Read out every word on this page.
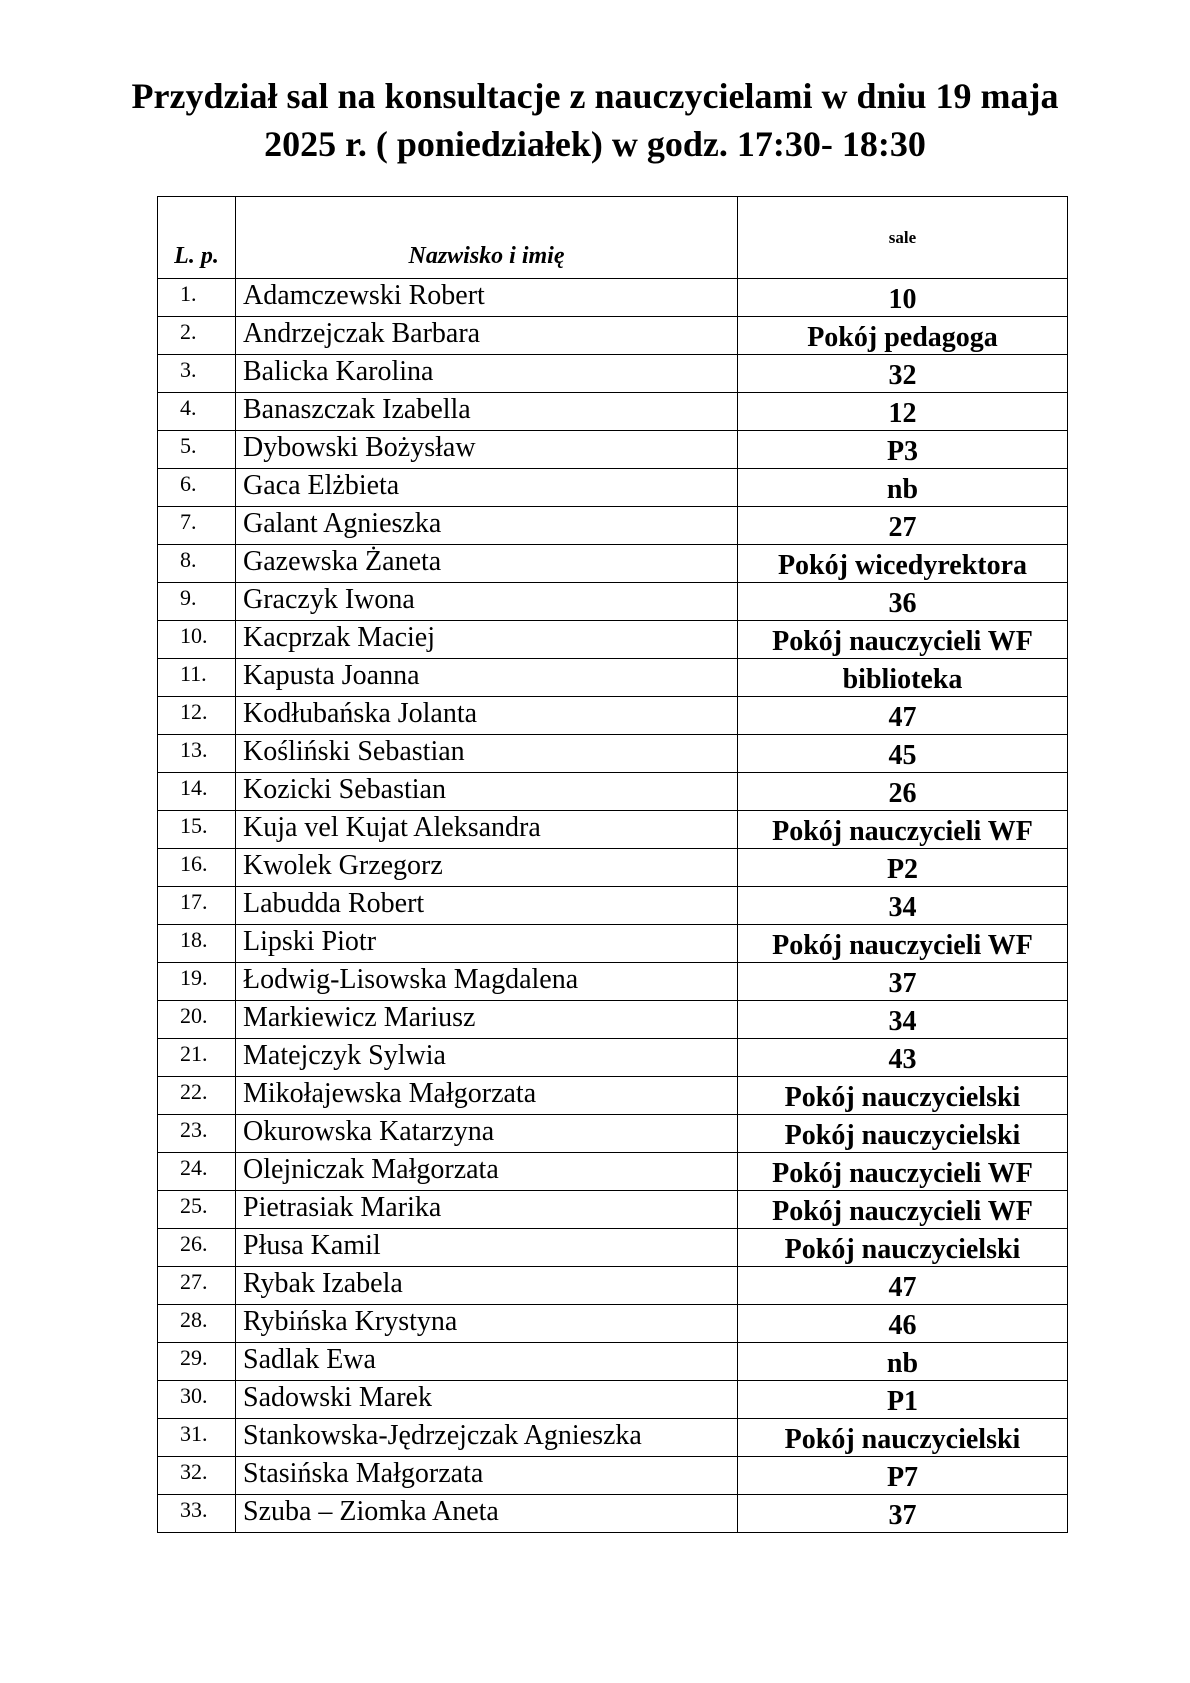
Przydział sal na konsultacje z nauczycielami w dniu 19 maja
2025 r. ( poniedziałek) w godz. 17:30- 18:30
L. p.	Nazwisko i imię	sale
1.	Adamczewski Robert	10
2.	Andrzejczak Barbara	Pokój pedagoga
3.	Balicka Karolina	32
4.	Banaszczak Izabella	12
5.	Dybowski Bożysław	P3
6.	Gaca Elżbieta	nb
7.	Galant Agnieszka	27
8.	Gazewska Żaneta	Pokój wicedyrektora
9.	Graczyk Iwona	36
10.	Kacprzak Maciej	Pokój nauczycieli WF
11.	Kapusta Joanna	biblioteka
12.	Kodłubańska Jolanta	47
13.	Kośliński Sebastian	45
14.	Kozicki Sebastian	26
15.	Kuja vel Kujat Aleksandra	Pokój nauczycieli WF
16.	Kwolek Grzegorz	P2
17.	Labudda Robert	34
18.	Lipski Piotr	Pokój nauczycieli WF
19.	Łodwig-Lisowska Magdalena	37
20.	Markiewicz Mariusz	34
21.	Matejczyk Sylwia	43
22.	Mikołajewska Małgorzata	Pokój nauczycielski
23.	Okurowska Katarzyna	Pokój nauczycielski
24.	Olejniczak Małgorzata	Pokój nauczycieli WF
25.	Pietrasiak Marika	Pokój nauczycieli WF
26.	Płusa Kamil	Pokój nauczycielski
27.	Rybak Izabela	47
28.	Rybińska Krystyna	46
29.	Sadlak Ewa	nb
30.	Sadowski Marek	P1
31.	Stankowska-Jędrzejczak Agnieszka	Pokój nauczycielski
32.	Stasińska Małgorzata	P7
33.	Szuba – Ziomka Aneta	37
